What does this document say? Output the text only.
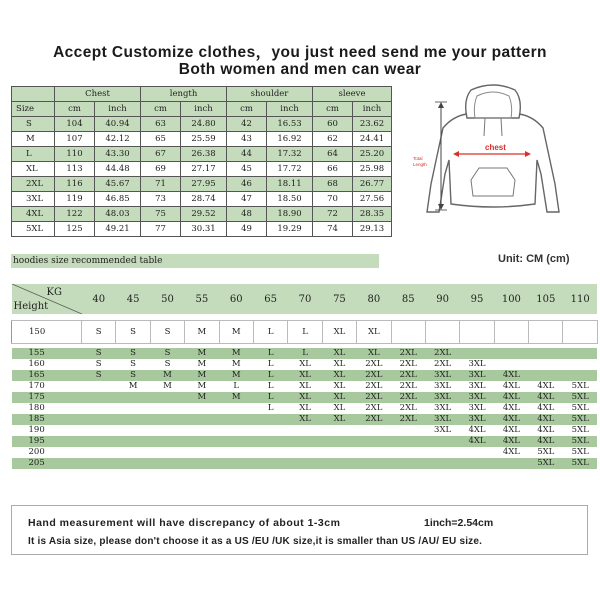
Accept Customize clothes，you just need send me your pattern
Both women and men can wear
	Chest		length		shoulder		sleeve	
Size	cm	inch	cm	inch	cm	inch	cm	inch
S	104	40.94	63	24.80	42	16.53	60	23.62
M	107	42.12	65	25.59	43	16.92	62	24.41
L	110	43.30	67	26.38	44	17.32	64	25.20
XL	113	44.48	69	27.17	45	17.72	66	25.98
2XL	116	45.67	71	27.95	46	18.11	68	26.77
3XL	119	46.85	73	28.74	47	18.50	70	27.56
4XL	122	48.03	75	29.52	48	18.90	72	28.35
5XL	125	49.21	77	30.31	49	19.29	74	29.13
Total
Length
chest
hoodies size recommended table	Unit: CM (cm)
KG
Height	40	45	50	55	60	65	70	75	80	85	90	95	100	105	110

150	S	S	S	M	M	L	L	XL	XL						

155	S	S	S	M	M	L	L	XL	XL	2XL	2XL				
160	S	S	S	M	M	L	XL	XL	2XL	2XL	2XL	3XL			
165	S	S	M	M	M	L	XL	XL	2XL	2XL	3XL	3XL	4XL		
170		M	M	M	L	L	XL	XL	2XL	2XL	3XL	3XL	4XL	4XL	5XL
175				M	M	L	XL	XL	2XL	2XL	3XL	3XL	4XL	4XL	5XL
180						L	XL	XL	2XL	2XL	3XL	3XL	4XL	4XL	5XL
185							XL	XL	2XL	2XL	3XL	3XL	4XL	4XL	5XL
190											3XL	4XL	4XL	4XL	5XL
195												4XL	4XL	4XL	5XL
200													4XL	5XL	5XL
205														5XL	5XL
Hand measurement will have discrepancy of about 1-3cm	1inch=2.54cm
It is Asia size, please don't choose it as a US /EU /UK size,it is smaller than US /AU/ EU size.
